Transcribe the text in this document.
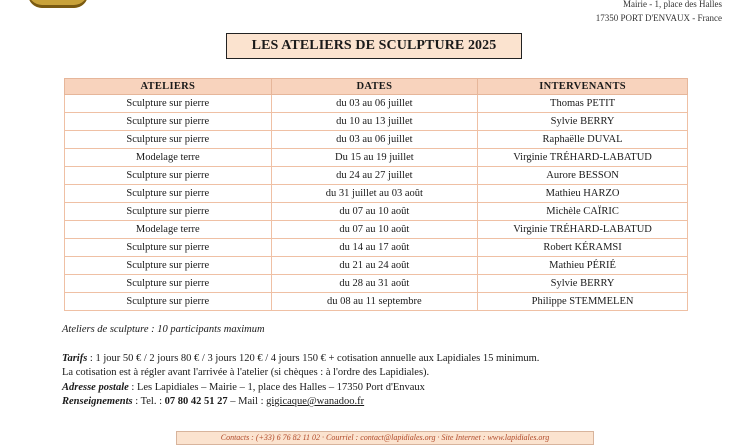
Mairie - 1, place des Halles
17350 PORT D'ENVAUX - France
LES ATELIERS DE SCULPTURE 2025
ATELIERS	DATES	INTERVENANTS
Sculpture sur pierre	du 03 au 06 juillet	Thomas PETIT
Sculpture sur pierre	du 10 au 13 juillet	Sylvie BERRY
Sculpture sur pierre	du 03 au 06 juillet	Raphaëlle DUVAL
Modelage terre	Du 15 au 19 juillet	Virginie TRÉHARD-LABATUD
Sculpture sur pierre	du 24 au 27 juillet	Aurore BESSON
Sculpture sur pierre	du 31 juillet au 03 août	Mathieu HARZO
Sculpture sur pierre	du 07 au 10 août	Michèle CAÏRIC
Modelage terre	du 07 au 10 août	Virginie TRÉHARD-LABATUD
Sculpture sur pierre	du 14 au 17 août	Robert KÉRAMSI
Sculpture sur pierre	du 21 au 24 août	Mathieu PÉRIÉ
Sculpture sur pierre	du 28 au 31 août	Sylvie BERRY
Sculpture sur pierre	du 08 au 11 septembre	Philippe STEMMELEN
Ateliers de sculpture : 10 participants maximum
Tarifs : 1 jour 50 € / 2 jours 80 € / 3 jours 120 € / 4 jours 150 € + cotisation annuelle aux Lapidiales 15 minimum.
La cotisation est à régler avant l'arrivée à l'atelier (si chèques : à l'ordre des Lapidiales).
Adresse postale : Les Lapidiales – Mairie – 1, place des Halles – 17350 Port d'Envaux
Renseignements : Tel. : 07 80 42 51 27 – Mail : gigicaque@wanadoo.fr
Contacts : (+33) 6 76 82 11 02 · Courriel : contact@lapidiales.org · Site Internet : www.lapidiales.org
